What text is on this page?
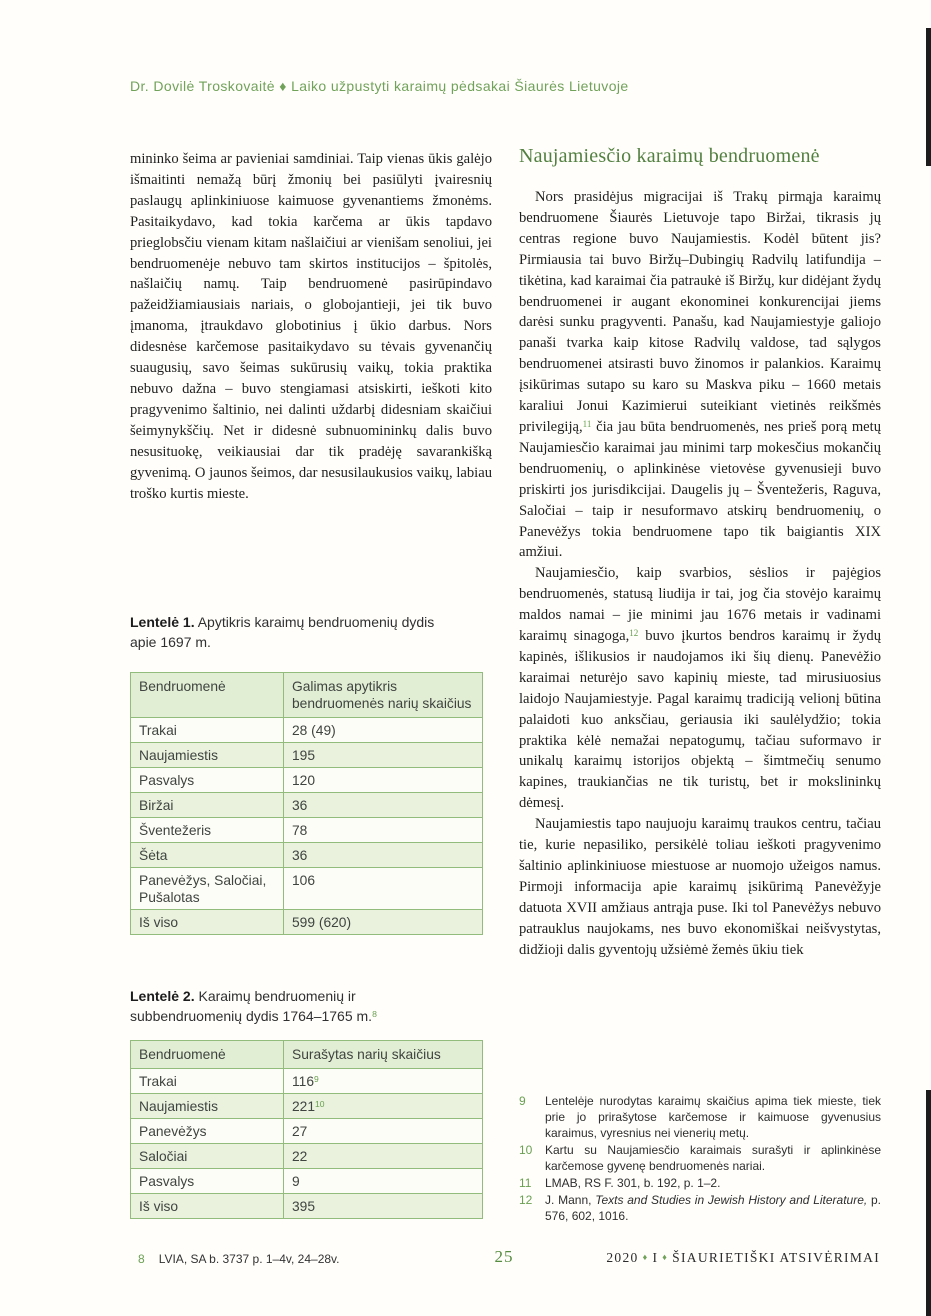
Dr. Dovilė Troskovaitė ♦ Laiko užpustyti karaimų pėdsakai Šiaurės Lietuvoje

mininko šeima ar pavieniai samdiniai. Taip vienas ūkis galėjo išmaitinti nemažą būrį žmonių bei pasiūlyti įvairesnių paslaugų aplinkiniuose kaimuose gyvenantiems žmonėms. Pasitaikydavo, kad tokia karčema ar ūkis tapdavo prieglobsčiu vienam kitam našlaičiui ar vienišam senoliui, jei bendruomenėje nebuvo tam skirtos institucijos – špitolės, našlaičių namų. Taip bendruomenė pasirūpindavo pažeidžiamiausiais nariais, o globojantieji, jei tik buvo įmanoma, įtraukdavo globotinius į ūkio darbus. Nors didesnėse karčemose pasitaikydavo su tėvais gyvenančių suaugusių, savo šeimas sukūrusių vaikų, tokia praktika nebuvo dažna – buvo stengiamasi atsiskirti, ieškoti kito pragyvenimo šaltinio, nei dalinti uždarbį didesniam skaičiui šeimynykščių. Net ir didesnė subnuomininkų dalis buvo nesusituokę, veikiausiai dar tik pradėję savarankišką gyvenimą. O jaunos šeimos, dar nesusilaukusios vaikų, labiau troško kurtis mieste.

Lentelė 1. Apytikris karaimų bendruomenių dydis apie 1697 m.
Bendruomenė	Galimas apytikris bendruomenės narių skaičius
Trakai	28 (49)
Naujamiestis	195
Pasvalys	120
Biržai	36
Šventežeris	78
Šėta	36
Panevėžys, Saločiai, Pušalotas	106
Iš viso	599 (620)
Lentelė 2. Karaimų bendruomenių ir subbendruomenių dydis 1764–1765 m.$^8$
Bendruomenė	Surašytas narių skaičius
Trakai	$116^9$
Naujamiestis	$221^{10}$
Panevėžys	27
Saločiai	22
Pasvalys	9
Iš viso	395
Naujamiesčio karaimų bendruomenė

Nors prasidėjus migracijai iš Trakų pirmąja karaimų bendruomene Šiaurės Lietuvoje tapo Biržai, tikrasis jų centras regione buvo Naujamiestis. Kodėl būtent jis? Pirmiausia tai buvo Biržų–Dubingių Radvilų latifundija – tikėtina, kad karaimai čia patraukė iš Biržų, kur didėjant žydų bendruomenei ir augant ekonominei konkurencijai jiems darėsi sunku pragyventi. Panašu, kad Naujamiestyje galiojo panaši tvarka kaip kitose Radvilų valdose, tad sąlygos bendruomenei atsirasti buvo žinomos ir palankios. Karaimų įsikūrimas sutapo su karo su Maskva piku – 1660 metais karaliui Jonui Kazimierui suteikiant vietinės reikšmės privilegiją,$^{11}$ čia jau būta bendruomenės, nes prieš porą metų Naujamiesčio karaimai jau minimi tarp mokesčius mokančių bendruomenių, o aplinkinėse vietovėse gyvenusieji buvo priskirti jos jurisdikcijai. Daugelis jų – Šventežeris, Raguva, Saločiai – taip ir nesuformavo atskirų bendruomenių, o Panevėžys tokia bendruomene tapo tik baigiantis XIX amžiui.

Naujamiesčio, kaip svarbios, sėslios ir pajėgios bendruomenės, statusą liudija ir tai, jog čia stovėjo karaimų maldos namai – jie minimi jau 1676 metais ir vadinami karaimų sinagoga,$^{12}$ buvo įkurtos bendros karaimų ir žydų kapinės, išlikusios ir naudojamos iki šių dienų. Panevėžio karaimai neturėjo savo kapinių mieste, tad mirusiuosius laidojo Naujamiestyje. Pagal karaimų tradiciją velionį būtina palaidoti kuo anksčiau, geriausia iki saulėlydžio; tokia praktika kėlė nemažai nepatogumų, tačiau suformavo ir unikalų karaimų istorijos objektą – šimtmečių senumo kapines, traukiančias ne tik turistų, bet ir mokslininkų dėmesį.

Naujamiestis tapo naujuoju karaimų traukos centru, tačiau tie, kurie nepasiliko, persikėlė toliau ieškoti pragyvenimo šaltinio aplinkiniuose miestuose ar nuomojo užeigos namus. Pirmoji informacija apie karaimų įsikūrimą Panevėžyje datuota XVII amžiaus antrąja puse. Iki tol Panevėžys nebuvo patrauklus naujokams, nes buvo ekonomiškai neišvystytas, didžioji dalis gyventojų užsiėmė žemės ūkiu tiek

9	Lentelėje nurodytas karaimų skaičius apima tiek mieste, tiek prie jo prirašytose karčemose ir kaimuose gyvenusius karaimus, vyresnius nei vienerių metų.
10	Kartu su Naujamiesčio karaimais surašyti ir aplinkinėse karčemose gyvenę bendruomenės nariai.
11	LMAB, RS F. 301, b. 192, p. 1–2.
12	J. Mann, Texts and Studies in Jewish History and Literature, p. 576, 602, 1016.
8 LVIA, SA b. 3737 p. 1–4v, 24–28v.	25	2020 ♦ I ♦ ŠIAURIETIŠKI ATSIVĖRIMAI
